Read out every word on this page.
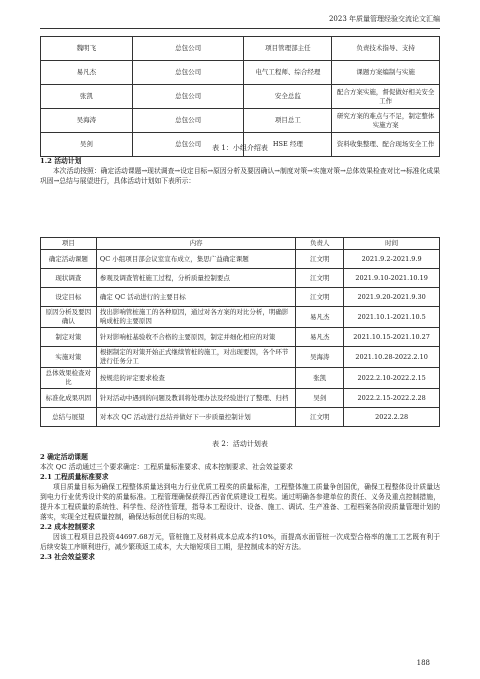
2023 年质量管理经验交流论文汇编
魏明飞	总包公司	项目管理部主任	负责技术指导、支持
易凡杰	总包公司	电气工程师、综合经理	课题方案编制与实施
张凯	总包公司	安全总监	配合方案实施，督促做好相关安全工作
吴海涛	总包公司	项目总工	研究方案的难点与不足，制定整体实施方案
吴剑	总包公司	HSE 经理	资料收集整理、配合现场安全工作
表 1：小组介绍表
1.2 活动计划
本次活动按照：确定活动课题→现状调查→设定目标→原因分析及要因确认→制度对策→实施对策→总体效果检查对比→标准化成果巩固→总结与展望进行，具体活动计划如下表所示：
项目	内容	负责人	时间
确定活动课题	QC 小组项目部会议室宣布成立，集思广益确定课题	江文明	2021.9.2-2021.9.9
现状调查	参观及调查管桩施工过程，分析质量控制要点	江文明	2021.9.10-2021.10.19
设定目标	确定 QC 活动进行的主要目标	江文明	2021.9.20-2021.9.30
原因分析及要因确认	找出影响管桩施工的各种原因，通过对各方案的对比分析，明确影响成桩的主要原因	易凡杰	2021.10.1-2021.10.5
制定对策	针对影响桩基验收不合格的主要原因，制定并细化相应的对策	易凡杰	2021.10.15-2021.10.27
实施对策	根据制定的对策开始正式继续管桩的施工，对出现要因，各个环节进行任务分工	吴海涛	2021.10.28-2022.2.10
总体效果检查对比	按规范的评定要求检查	张凯	2022.2.10-2022.2.15
标准化成果巩固	针对活动中遇到的问题及教训将处理办法及经验进行了整理、归档	吴剑	2022.2.15-2022.2.28
总结与展望	对本次 QC 活动进行总结并做好下一步质量控制计划	江文明	2022.2.28
表 2：活动计划表
2 确定活动课题
本次 QC 活动通过三个要求确定：工程质量标准要求、成本控制要求、社会效益要求
2.1 工程质量标准要求
项目质量目标为确保工程整体质量达到电力行业优质工程奖的质量标准，工程整体施工质量争创国优，确保工程整体设计质量达到电力行业优秀设计奖的质量标准。工程管理确保获得江西省优质建设工程奖。通过明确各参建单位的责任、义务及重点控制措施，提升本工程质量的系统性、科学性、经济性管理，指导本工程设计、设备、施工、调试、生产准备、工程档案各阶段质量管理计划的落实，实现全过程质量控制，确保达标创优目标的实现。
2.2 成本控制要求
因该工程项目总投资44697.68万元，管桩施工及材料成本总成本约10%，而提高水面管桩一次成型合格率的施工工艺既有利于后续安装工序顺利进行，减少繁琐返工成本，大大缩短项目工期，是控制成本的好方法。
2.3 社会效益要求
188
